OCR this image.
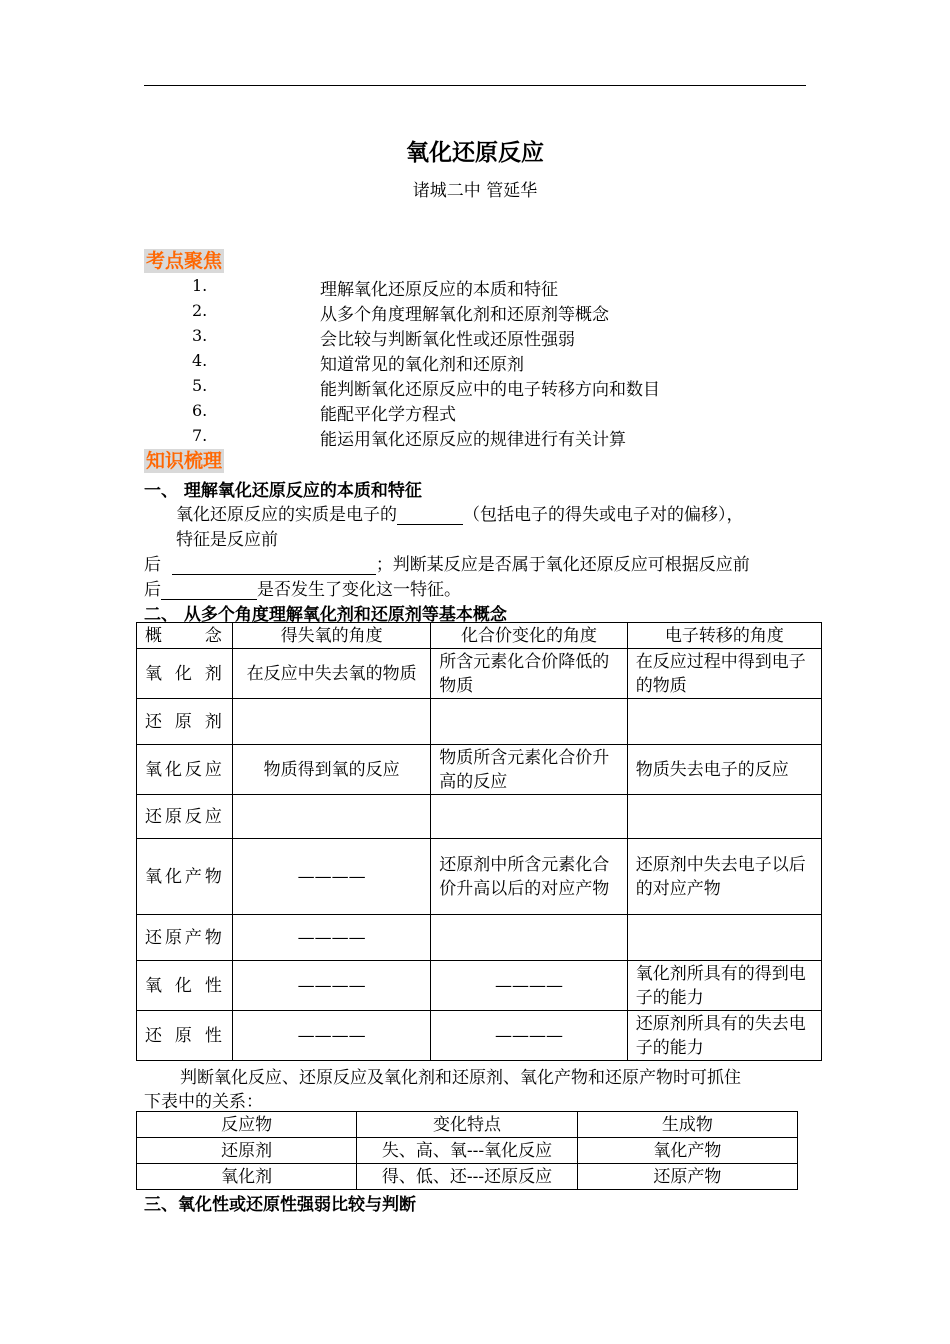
氧化还原反应
诸城二中 管延华
考点聚焦
1.	理解氧化还原反应的本质和特征
2.	从多个角度理解氧化剂和还原剂等概念
3.	会比较与判断氧化性或还原性强弱
4.	知道常见的氧化剂和还原剂
5.	能判断氧化还原反应中的电子转移方向和数目
6.	能配平化学方程式
7.	能运用氧化还原反应的规律进行有关计算
知识梳理
一、 理解氧化还原反应的本质和特征
氧化还原反应的实质是电子的	（包括电子的得失或电子对的偏移），
特征是反应前
后	；判断某反应是否属于氧化还原反应可根据反应前
后	是否发生了变化这一特征。
二、 从多个角度理解氧化剂和还原剂等基本概念
概　　念	得失氧的角度	化合价变化的角度	电子转移的角度
氧 化 剂	在反应中失去氧的物质	所含元素化合价降低的物质	在反应过程中得到电子的物质
还 原 剂			
氧化反应	物质得到氧的反应	物质所含元素化合价升高的反应	物质失去电子的反应
还原反应			
氧化产物	————	还原剂中所含元素化合价升高以后的对应产物	还原剂中失去电子以后的对应产物
还原产物	————		
氧 化 性	————	————	氧化剂所具有的得到电子的能力
还 原 性	————	————	还原剂所具有的失去电子的能力
判断氧化反应、还原反应及氧化剂和还原剂、氧化产物和还原产物时可抓住
下表中的关系：
反应物	变化特点	生成物
还原剂	失、高、氧---氧化反应	氧化产物
氧化剂	得、低、还---还原反应	还原产物
三、氧化性或还原性强弱比较与判断
